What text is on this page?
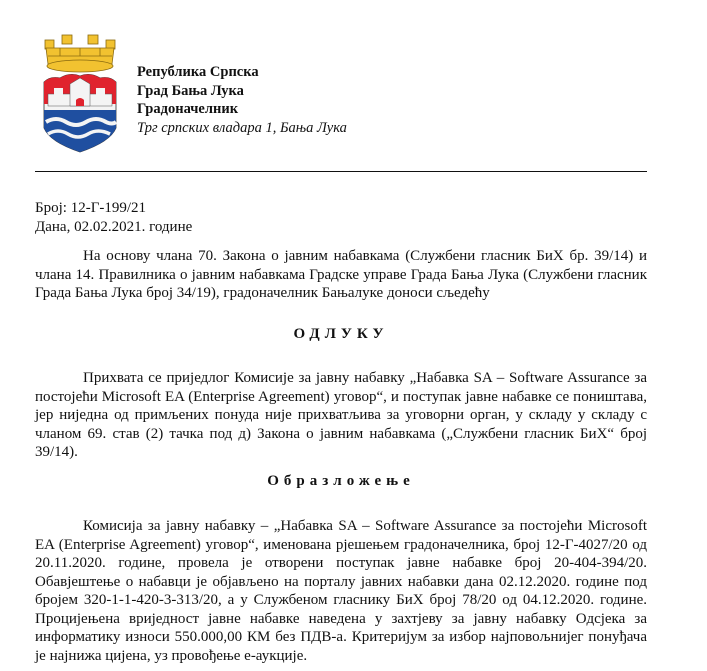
Република Српска
Град Бања Лука
Градоначелник
Трг српских владара 1, Бања Лука
Број: 12-Г-199/21
Дана, 02.02.2021. године

На основу члана 70. Закона о јавним набавкама (Службени гласник БиХ бр. 39/14) и члана 14. Правилника о јавним набавкама Градске управе Града Бања Лука (Службени гласник Града Бања Лука број 34/19), градоначелник Бањалуке доноси сљедећу

ОДЛУКУ

Прихвата се приједлог Комисије за јавну набавку „Набавка SA – Software Assurance за постојећи Microsoft EA (Enterprise Agreement) уговор“, и поступак јавне набавке се поништава, јер ниједна од примљених понуда није прихватљива за уговорни орган, у складу у складу с чланом 69. став (2) тачка под д) Закона о јавним набавкама („Службени гласник БиХ“ број 39/14).

Образложење

Комисија за јавну набавку – „Набавка SA – Software Assurance за постојећи Microsoft EA (Enterprise Agreement) уговор“, именована рјешењем градоначелника, број 12-Г-4027/20 од 20.11.2020. године, провела је отворени поступак јавне набавке број 20-404-394/20. Обавјештење о набавци је објављено на порталу јавних набавки дана 02.12.2020. године под бројем 320-1-1-420-3-313/20, а у Службеном гласнику БиХ број 78/20 од 04.12.2020. године. Процијењена вриједност јавне набавке наведена у захтјеву за јавну набавку Одсјека за информатику износи 550.000,00 КМ без ПДВ-а. Критеријум за избор најповољнијег понуђача је најнижа цијена, уз провођење е-аукције.
